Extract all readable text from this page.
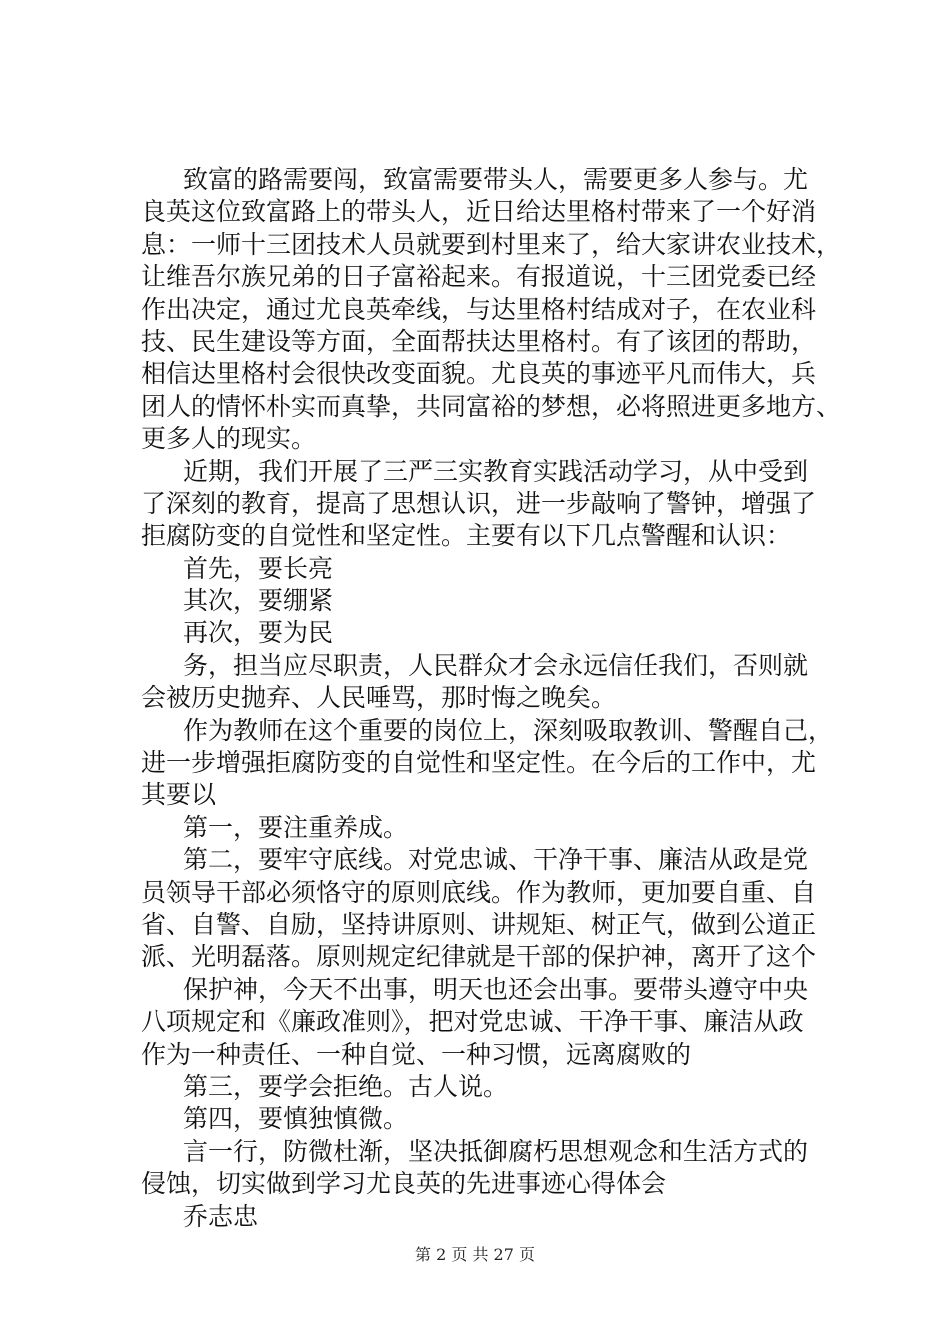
致富的路需要闯，致富需要带头人，需要更多人参与。尤
良英这位致富路上的带头人，近日给达里格村带来了一个好消
息：一师十三团技术人员就要到村里来了，给大家讲农业技术，
让维吾尔族兄弟的日子富裕起来。有报道说，十三团党委已经
作出决定，通过尤良英牵线，与达里格村结成对子，在农业科
技、民生建设等方面，全面帮扶达里格村。有了该团的帮助，
相信达里格村会很快改变面貌。尤良英的事迹平凡而伟大，兵
团人的情怀朴实而真挚，共同富裕的梦想，必将照进更多地方、
更多人的现实。
近期，我们开展了三严三实教育实践活动学习，从中受到
了深刻的教育，提高了思想认识，进一步敲响了警钟，增强了
拒腐防变的自觉性和坚定性。主要有以下几点警醒和认识：
首先，要长亮
其次，要绷紧
再次，要为民
务，担当应尽职责，人民群众才会永远信任我们，否则就
会被历史抛弃、人民唾骂，那时悔之晚矣。
作为教师在这个重要的岗位上，深刻吸取教训、警醒自己，
进一步增强拒腐防变的自觉性和坚定性。在今后的工作中，尤
其要以
第一，要注重养成。
第二，要牢守底线。对党忠诚、干净干事、廉洁从政是党
员领导干部必须恪守的原则底线。作为教师，更加要自重、自
省、自警、自励，坚持讲原则、讲规矩、树正气，做到公道正
派、光明磊落。原则规定纪律就是干部的保护神，离开了这个
保护神，今天不出事，明天也还会出事。要带头遵守中央
八项规定和《廉政准则》，把对党忠诚、干净干事、廉洁从政
作为一种责任、一种自觉、一种习惯，远离腐败的
第三，要学会拒绝。古人说。
第四，要慎独慎微。
言一行，防微杜渐，坚决抵御腐朽思想观念和生活方式的
侵蚀，切实做到学习尤良英的先进事迹心得体会
乔志忠
第 2 页 共 27 页
